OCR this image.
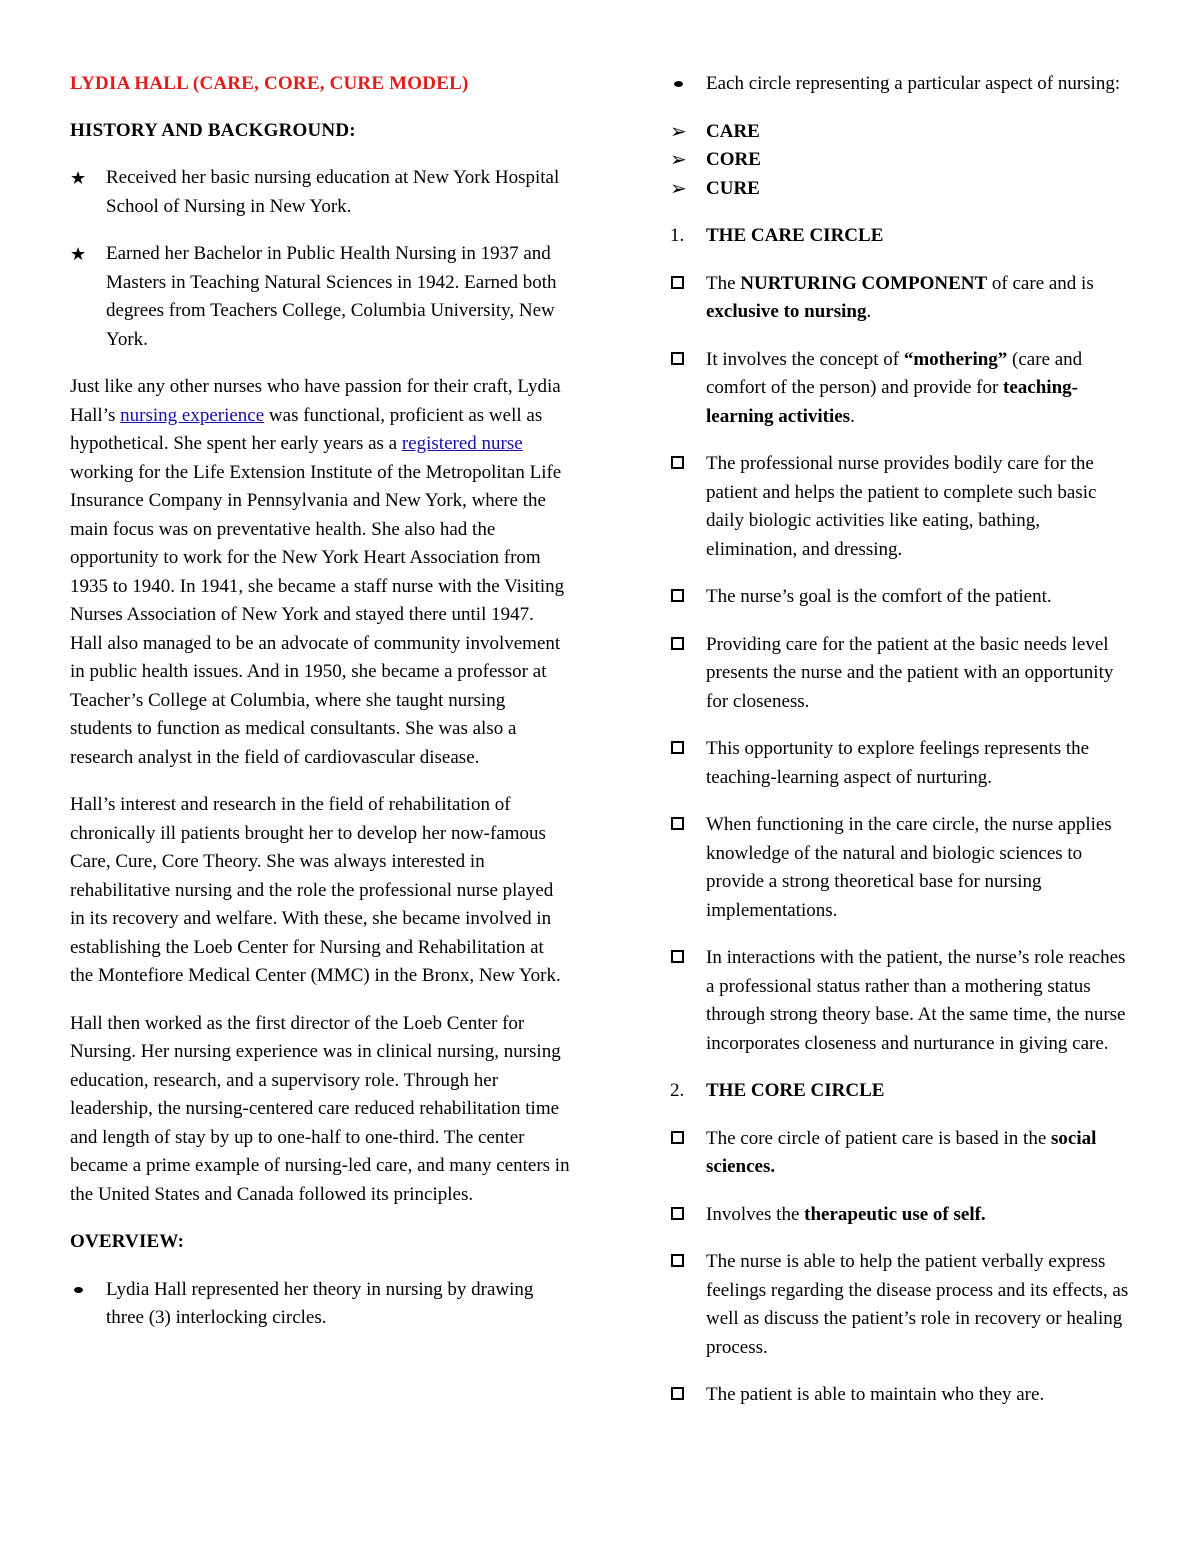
LYDIA HALL (CARE, CORE, CURE MODEL)

HISTORY AND BACKGROUND:

★	Received her basic nursing education at New York Hospital School of Nursing in New York.
★	Earned her Bachelor in Public Health Nursing in 1937 and Masters in Teaching Natural Sciences in 1942. Earned both degrees from Teachers College, Columbia University, New York.

Just like any other nurses who have passion for their craft, Lydia Hall’s nursing experience was functional, proficient as well as hypothetical. She spent her early years as a registered nurse working for the Life Extension Institute of the Metropolitan Life Insurance Company in Pennsylvania and New York, where the main focus was on preventative health. She also had the opportunity to work for the New York Heart Association from 1935 to 1940. In 1941, she became a staff nurse with the Visiting Nurses Association of New York and stayed there until 1947. Hall also managed to be an advocate of community involvement in public health issues. And in 1950, she became a professor at Teacher’s College at Columbia, where she taught nursing students to function as medical consultants. She was also a research analyst in the field of cardiovascular disease.

Hall’s interest and research in the field of rehabilitation of chronically ill patients brought her to develop her now-famous Care, Cure, Core Theory. She was always interested in rehabilitative nursing and the role the professional nurse played in its recovery and welfare. With these, she became involved in establishing the Loeb Center for Nursing and Rehabilitation at the Montefiore Medical Center (MMC) in the Bronx, New York.

Hall then worked as the first director of the Loeb Center for Nursing. Her nursing experience was in clinical nursing, nursing education, research, and a supervisory role. Through her leadership, the nursing-centered care reduced rehabilitation time and length of stay by up to one-half to one-third. The center became a prime example of nursing-led care, and many centers in the United States and Canada followed its principles.

OVERVIEW:

Lydia Hall represented her theory in nursing by drawing three (3) interlocking circles.
Each circle representing a particular aspect of nursing:
➢	CARE
➢	CORE
➢	CURE
1.	THE CARE CIRCLE
The NURTURING COMPONENT of care and is exclusive to nursing.
It involves the concept of “mothering” (care and comfort of the person) and provide for teaching-learning activities.
The professional nurse provides bodily care for the patient and helps the patient to complete such basic daily biologic activities like eating, bathing, elimination, and dressing.
The nurse’s goal is the comfort of the patient.
Providing care for the patient at the basic needs level presents the nurse and the patient with an opportunity for closeness.
This opportunity to explore feelings represents the teaching-learning aspect of nurturing.
When functioning in the care circle, the nurse applies knowledge of the natural and biologic sciences to provide a strong theoretical base for nursing implementations.
In interactions with the patient, the nurse’s role reaches a professional status rather than a mothering status through strong theory base. At the same time, the nurse incorporates closeness and nurturance in giving care.
2.	THE CORE CIRCLE
The core circle of patient care is based in the social sciences.
Involves the therapeutic use of self.
The nurse is able to help the patient verbally express feelings regarding the disease process and its effects, as well as discuss the patient’s role in recovery or healing process.
The patient is able to maintain who they are.
